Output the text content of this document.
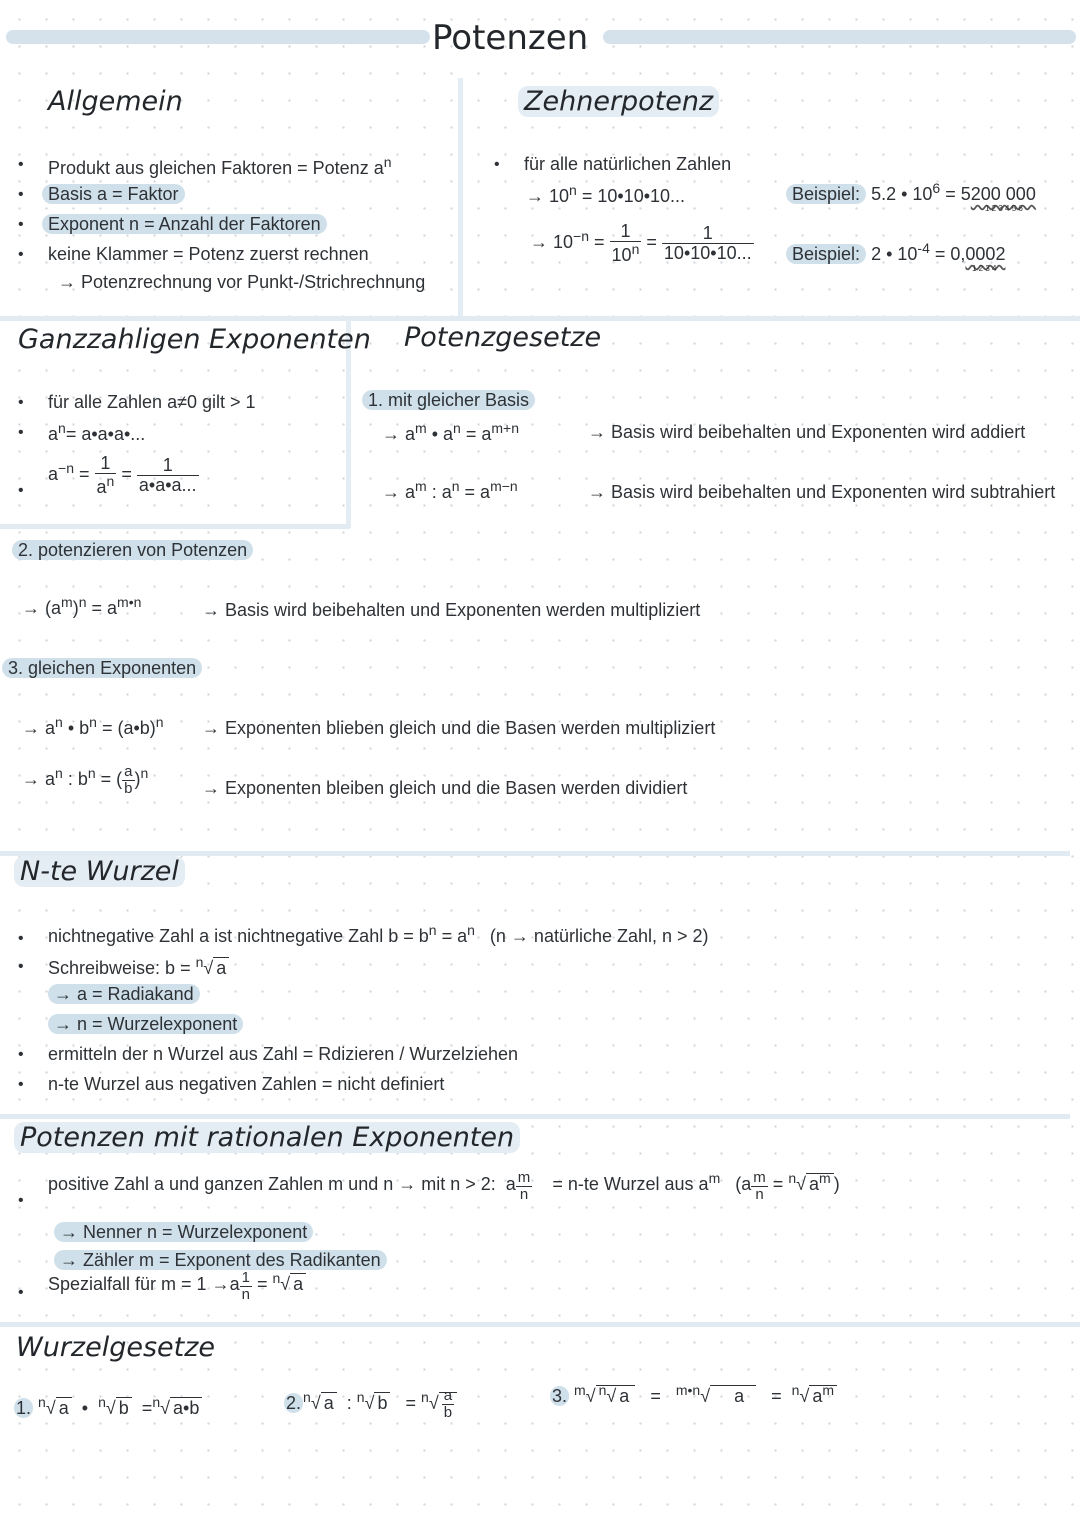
Potenzen
Allgemein
• Produkt aus gleichen Faktoren = Potenz $a^n$
•	Basis a = Faktor
•	Exponent n = Anzahl der Faktoren
• keine Klammer = Potenz zuerst rechnen
→ Potenzrechnung vor Punkt-/Strichrechnung
Zehnerpotenz
• für alle natürlichen Zahlen
→ $10^n$ = 10•10•10...
→ $10^{-n} = \frac{1}{10^n} = \frac{1}{10•10•10...}$
Beispiel: 5.2 • $10^6 = 5200$ 000
1 2 3 4 5 6
Beispiel: 2 • $10^{-4} = 0,0002$
1 2 3 4
Ganzzahligen Exponenten
• für alle Zahlen a≠0 gilt > 1
• $a^n=$ a•a•a•...
•
$a^{-n} = \frac{1}{a^n} = \frac{1}{a•a•a...}$
Potenzgesetze
1. mit gleicher Basis
→ $a^m$ • $a^n = a^{m+n}$	→ Basis wird beibehalten und Exponenten wird addiert
→ $a^m$ : $a^n = a^{m-n}$	→ Basis wird beibehalten und Exponenten wird subtrahiert
2. potenzieren von Potenzen
→ $(a^m)^n = a^{m•n}$	→ Basis wird beibehalten und Exponenten werden multipliziert
3. gleichen Exponenten
→ $a^n$ • $b^n$ = (a•b)$^n$ → Exponenten blieben gleich und die Basen werden multipliziert
→ $a^n$ : $b^n$ = ( $\frac{a}{b} )^n$
→ Exponenten bleiben gleich und die Basen werden dividiert
N-te Wurzel
• nichtnegative Zahl a ist nichtnegative Zahl $b = b^n = a^n$ (n → natürliche Zahl, n > 2)
• Schreibweise: b = $^n$√ a
→ a = Radiakand
→ n = Wurzelexponent
• ermitteln der n Wurzel aus Zahl = Rdizieren / Wurzelziehen
• n-te Wurzel aus negativen Zahlen = nicht definiert
Potenzen mit rationalen Exponenten
•
positive Zahl a und ganzen Zahlen m und n → mit n > 2: a $\frac{m}{n} = n-te$ Wurzel aus $a^m$ ($a \frac{m}{n} = ^n√$ $a^m$ )
→ Nenner n = Wurzelexponent
→ Zähler m = Exponent des Radikanten
• Spezialfall für $m = 1 \to a \frac{1}{n} = ^n√$ a
Wurzelgesetze
1. $^n$√ a • $^n$√ b =$^n$√ a•b	2. $^n$√ a : $^n$√ $b = ^n√ \frac{a}{b}$	3. $^m$√ $^n$√ a = $^{m•n}$√ a = $^n$√ $a^m$
